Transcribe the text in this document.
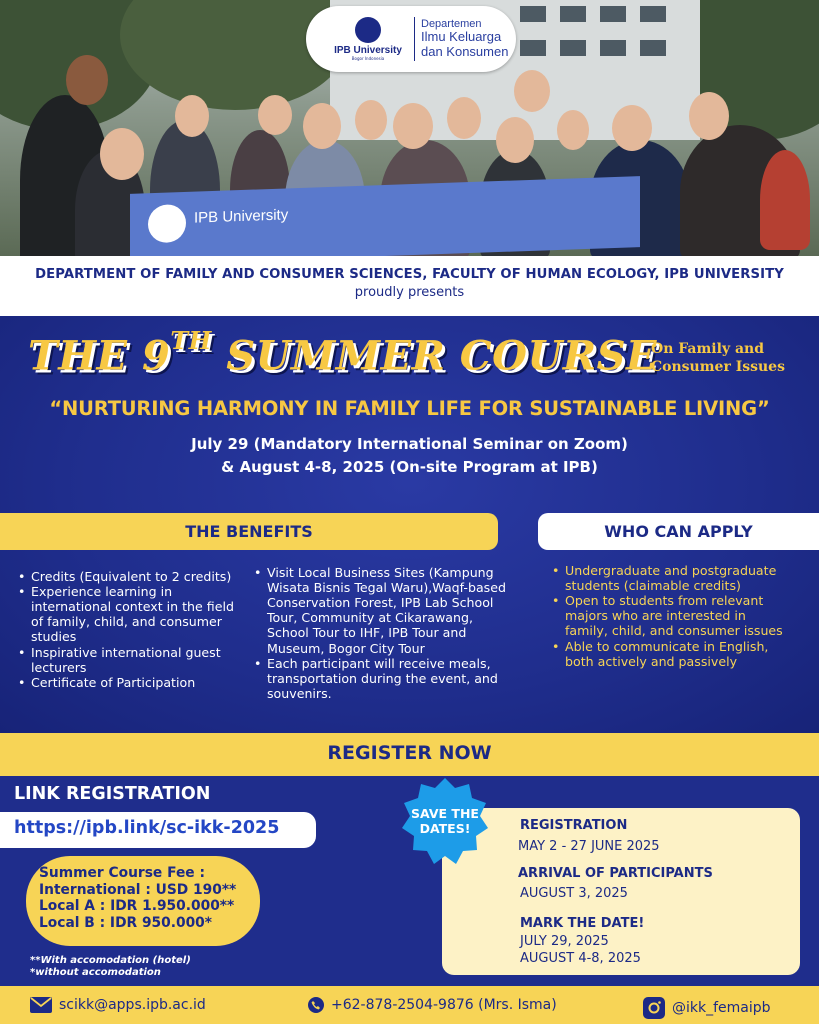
IPB University
IPB University
Bogor Indonesia
Departemen
Ilmu Keluarga
dan Konsumen
DEPARTMENT OF FAMILY AND CONSUMER SCIENCES, FACULTY OF HUMAN ECOLOGY, IPB UNIVERSITY
proudly presents
THE 9TH SUMMER COURSE
On Family and
Consumer Issues
“NURTURING HARMONY IN FAMILY LIFE FOR SUSTAINABLE LIVING”
July 29 (Mandatory International Seminar on Zoom)
& August 4-8, 2025 (On-site Program at IPB)
THE BENEFITS	WHO CAN APPLY
• Credits (Equivalent to 2 credits)
• Experience learning in international context in the field of family, child, and consumer studies
• Inspirative international guest lecturers
• Certificate of Participation
• Visit Local Business Sites (Kampung Wisata Bisnis Tegal Waru),Waqf-based Conservation Forest, IPB Lab School Tour, Community at Cikarawang, School Tour to IHF, IPB Tour and Museum, Bogor City Tour
• Each participant will receive meals, transportation during the event, and souvenirs.
• Undergraduate and postgraduate students (claimable credits)
• Open to students from relevant majors who are interested in family, child, and consumer issues
• Able to communicate in English, both actively and passively
REGISTER NOW
LINK REGISTRATION
https://ipb.link/sc-ikk-2025
Summer Course Fee :
International : USD 190**
Local A : IDR 1.950.000**
Local B : IDR 950.000*
**With accomodation (hotel)
*without accomodation
SAVE THE
DATES!	REGISTRATION
MAY 2 - 27 JUNE 2025
ARRIVAL OF PARTICIPANTS
AUGUST 3, 2025
MARK THE DATE!
JULY 29, 2025
AUGUST 4-8, 2025
scikk@apps.ipb.ac.id	+62-878-2504-9876 (Mrs. Isma)	@ikk_femaipb
